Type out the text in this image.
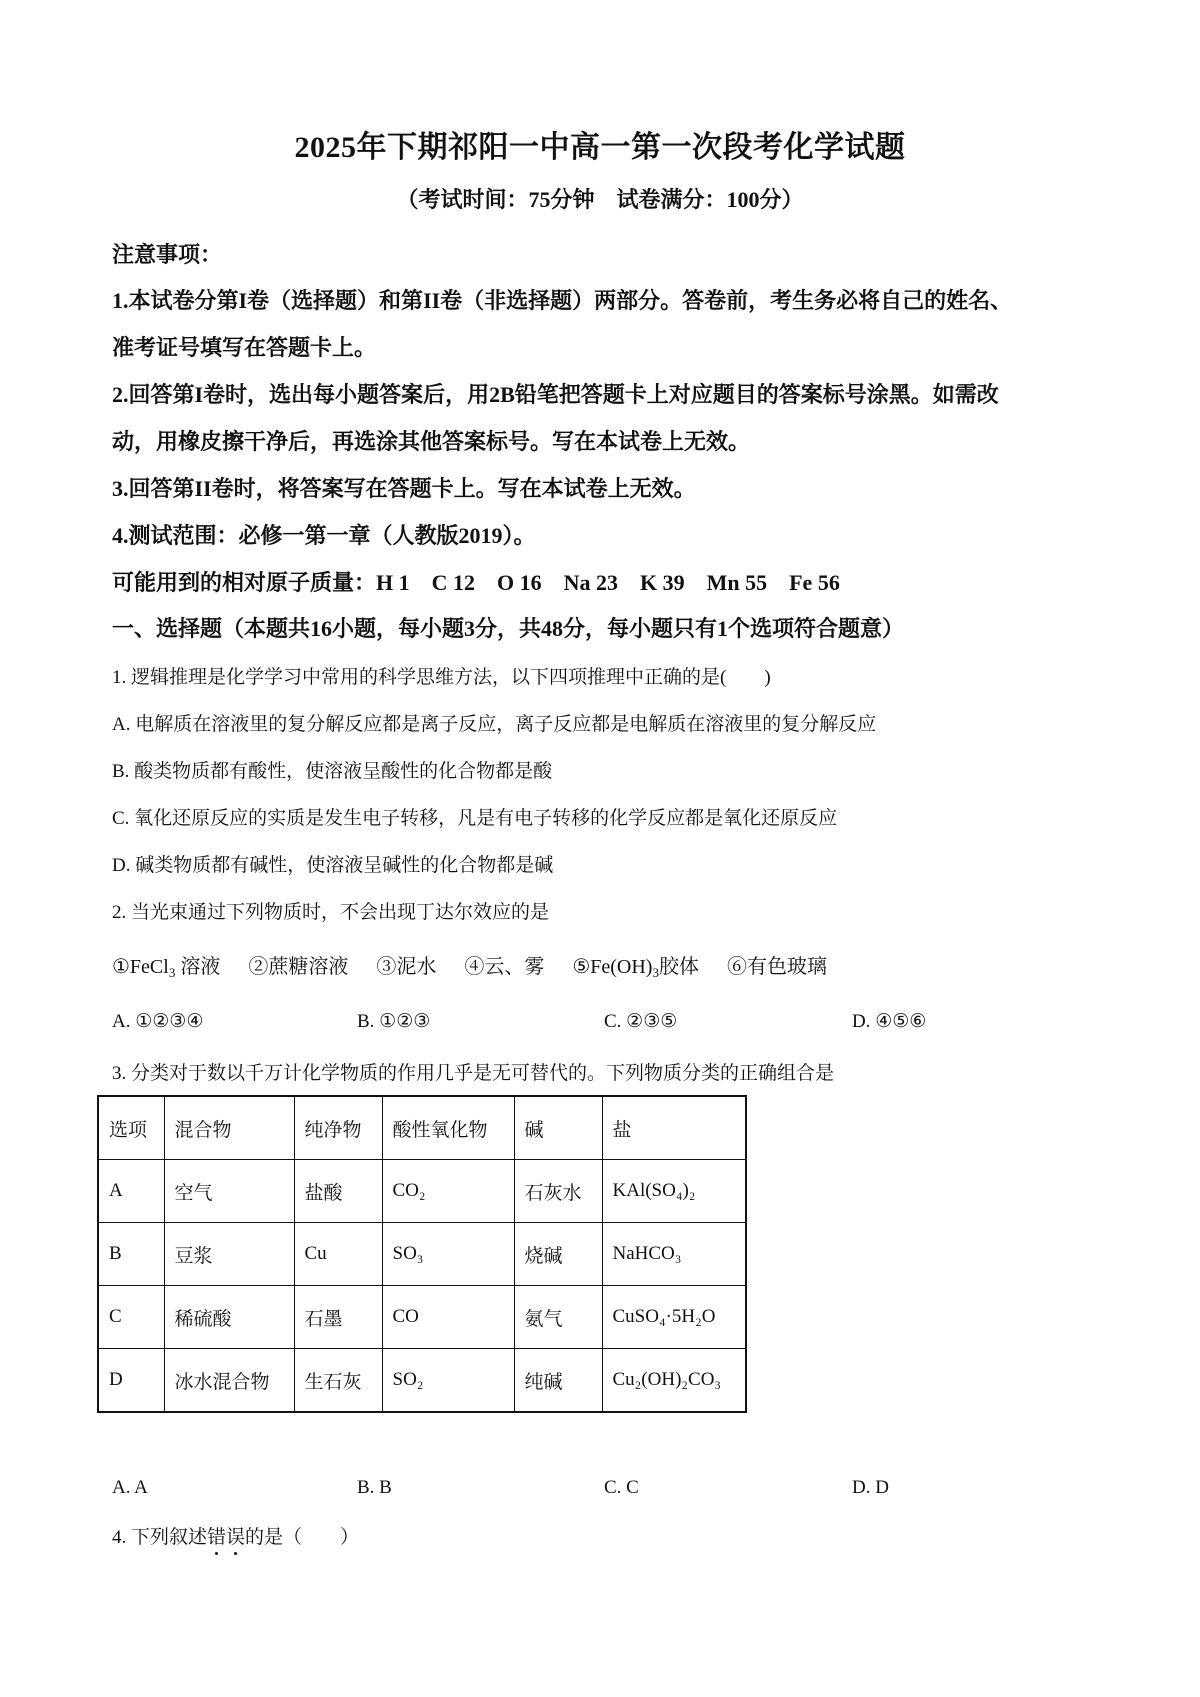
2025年下期祁阳一中高一第一次段考化学试题
（考试时间：75分钟　试卷满分：100分）
注意事项：
1.本试卷分第I卷（选择题）和第II卷（非选择题）两部分。答卷前，考生务必将自己的姓名、
准考证号填写在答题卡上。
2.回答第I卷时，选出每小题答案后，用2B铅笔把答题卡上对应题目的答案标号涂黑。如需改
动，用橡皮擦干净后，再选涂其他答案标号。写在本试卷上无效。
3.回答第II卷时，将答案写在答题卡上。写在本试卷上无效。
4.测试范围：必修一第一章（人教版2019）。
可能用到的相对原子质量：H 1　C 12　O 16　Na 23　K 39　Mn 55　Fe 56
一、选择题（本题共16小题，每小题3分，共48分，每小题只有1个选项符合题意）
1. 逻辑推理是化学学习中常用的科学思维方法，以下四项推理中正确的是(　　)
A. 电解质在溶液里的复分解反应都是离子反应，离子反应都是电解质在溶液里的复分解反应
B. 酸类物质都有酸性，使溶液呈酸性的化合物都是酸
C. 氧化还原反应的实质是发生电子转移，凡是有电子转移的化学反应都是氧化还原反应
D. 碱类物质都有碱性，使溶液呈碱性的化合物都是碱
2. 当光束通过下列物质时，不会出现丁达尔效应的是
①FeCl$_3$ 溶液 ②蔗糖溶液 ③泥水 ④云、雾 $⑤Fe(OH)_3$胶体 ⑥有色玻璃
A. ①②③④	B. ①②③	C. ②③⑤	D. ④⑤⑥
3. 分类对于数以千万计化学物质的作用几乎是无可替代的。下列物质分类的正确组合是
选项	混合物	纯净物	酸性氧化物	碱	盐
A	空气	盐酸	CO₂	石灰水	KAl(SO₄)₂
B	豆浆	Cu	SO₃	烧碱	NaHCO₃
C	稀硫酸	石墨	CO	氨气	CuSO₄·5H₂O
D	冰水混合物	生石灰	SO₂	纯碱	Cu₂(OH)₂CO₃
A. A	B. B	C. C	D. D
4. 下列叙述错误的是（　　）
